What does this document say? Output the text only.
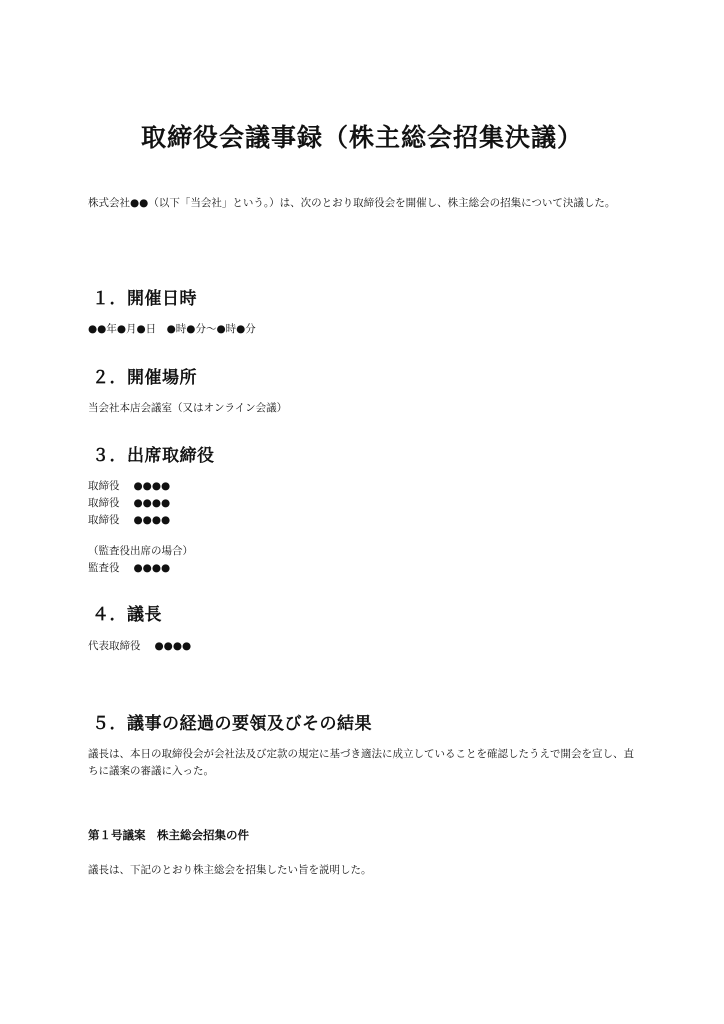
取締役会議事録（株主総会招集決議）

株式会社●●（以下「当会社」という。）は、次のとおり取締役会を開催し、株主総会の招集について決議した。

１．開催日時

●●年●月●日　●時●分～●時●分

２．開催場所

当会社本店会議室（又はオンライン会議）

３．出席取締役

取締役 ●●●●

取締役 ●●●●

取締役 ●●●●

（監査役出席の場合）

監査役 ●●●●

４．議長

代表取締役 ●●●●

５．議事の経過の要領及びその結果

議長は、本日の取締役会が会社法及び定款の規定に基づき適法に成立していることを確認したうえで開会を宣し、直ちに議案の審議に入った。

第１号議案　株主総会招集の件

議長は、下記のとおり株主総会を招集したい旨を説明した。
